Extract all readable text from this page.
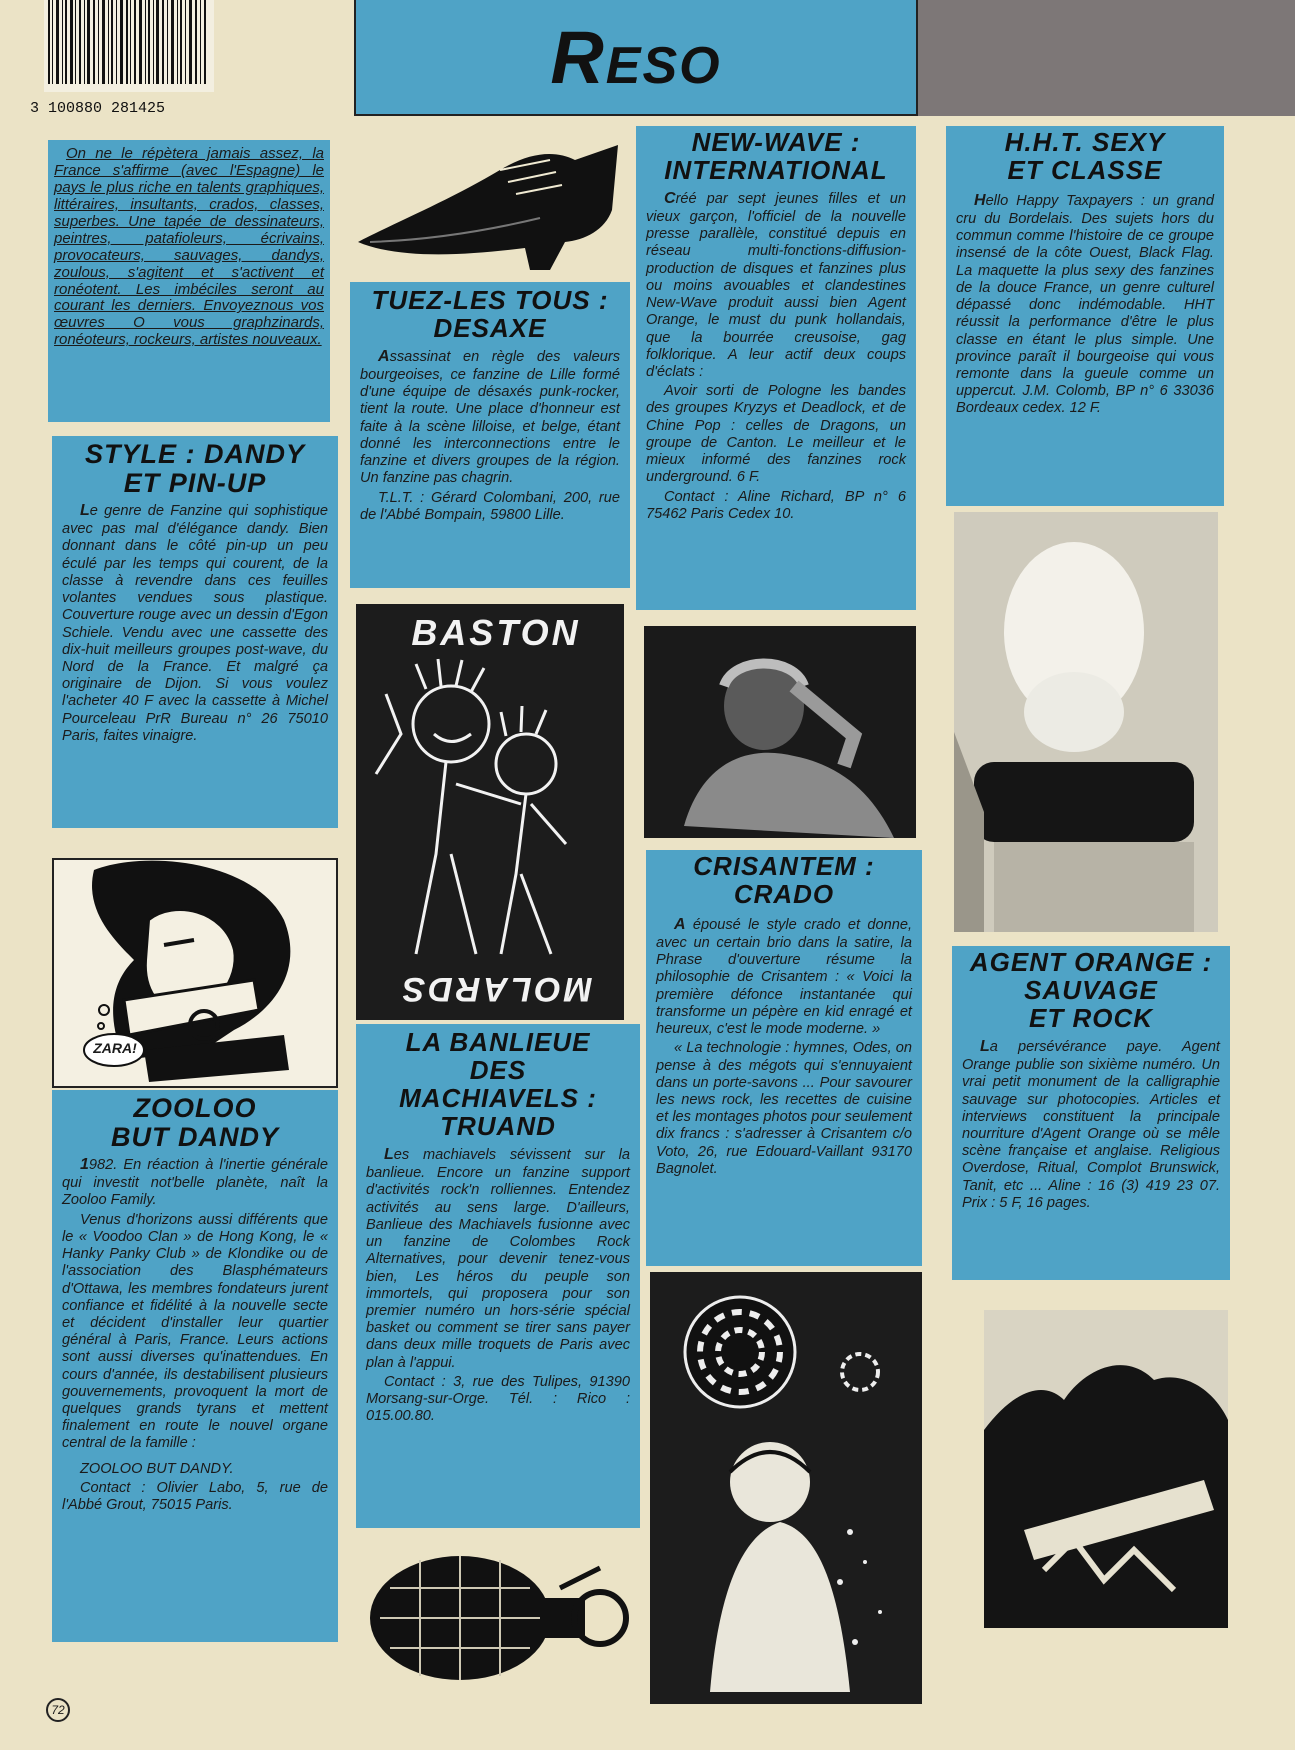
3 100880 281425
Reso
On ne le répètera jamais assez, la France s'affirme (avec l'Espagne) le pays le plus riche en talents graphiques, littéraires, insultants, crados, classes, superbes. Une tapée de dessinateurs, peintres, patafioleurs, écrivains, provocateurs, sauvages, dandys, zoulous, s'agitent et s'activent et ronéotent. Les imbéciles seront au courant les derniers. Envoyeznous vos œuvres O vous graphzinards, ronéoteurs, rockeurs, artistes nouveaux.
STYLE : DANDY
ET PIN-UP

Le genre de Fanzine qui sophistique avec pas mal d'élégance dandy. Bien donnant dans le côté pin-up un peu éculé par les temps qui courent, de la classe à revendre dans ces feuilles volantes vendues sous plastique. Couverture rouge avec un dessin d'Egon Schiele. Vendu avec une cassette des dix-huit meilleurs groupes post-wave, du Nord de la France. Et malgré ça originaire de Dijon. Si vous voulez l'acheter 40 F avec la cassette à Michel Pourceleau PrR Bureau n° 26 75010 Paris, faites vinaigre.

ZARA!
ZOOLOO
BUT DANDY

1982. En réaction à l'inertie générale qui investit not'belle planète, naît la Zooloo Family.

Venus d'horizons aussi différents que le « Voodoo Clan » de Hong Kong, le « Hanky Panky Club » de Klondike ou de l'association des Blasphémateurs d'Ottawa, les membres fondateurs jurent confiance et fidélité à la nouvelle secte et décident d'installer leur quartier général à Paris, France. Leurs actions sont aussi diverses qu'inattendues. En cours d'année, ils destabilisent plusieurs gouvernements, provoquent la mort de quelques grands tyrans et mettent finalement en route le nouvel organe central de la famille :

ZOOLOO BUT DANDY.

Contact : Olivier Labo, 5, rue de l'Abbé Grout, 75015 Paris.

72
TUEZ-LES TOUS :
DESAXE

Assassinat en règle des valeurs bourgeoises, ce fanzine de Lille formé d'une équipe de désaxés punk-rocker, tient la route. Une place d'honneur est faite à la scène lilloise, et belge, étant donné les interconnections entre le fanzine et divers groupes de la région. Un fanzine pas chagrin.

T.L.T. : Gérard Colombani, 200, rue de l'Abbé Bompain, 59800 Lille.

BASTON
MOLARDS
LA BANLIEUE
DES
MACHIAVELS :
TRUAND

Les machiavels sévissent sur la banlieue. Encore un fanzine support d'activités rock'n rolliennes. Entendez activités au sens large. D'ailleurs, Banlieue des Machiavels fusionne avec un fanzine de Colombes Rock Alternatives, pour devenir tenez-vous bien, Les héros du peuple son immortels, qui proposera pour son premier numéro un hors-série spécial basket ou comment se tirer sans payer dans deux mille troquets de Paris avec plan à l'appui.

Contact : 3, rue des Tulipes, 91390 Morsang-sur-Orge. Tél. : Rico : 015.00.80.

NEW-WAVE :
INTERNATIONAL

Créé par sept jeunes filles et un vieux garçon, l'officiel de la nouvelle presse parallèle, constitué depuis en réseau multi-fonctions-diffusion-production de disques et fanzines plus ou moins avouables et clandestines New-Wave produit aussi bien Agent Orange, le must du punk hollandais, que la bourrée creusoise, gag folklorique. A leur actif deux coups d'éclats :

Avoir sorti de Pologne les bandes des groupes Kryzys et Deadlock, et de Chine Pop : celles de Dragons, un groupe de Canton. Le meilleur et le mieux informé des fanzines rock underground. 6 F.

Contact : Aline Richard, BP n° 6 75462 Paris Cedex 10.

CRISANTEM :
CRADO

A épousé le style crado et donne, avec un certain brio dans la satire, la Phrase d'ouverture résume la philosophie de Crisantem : « Voici la première défonce instantanée qui transforme un pépère en kid enragé et heureux, c'est le mode moderne. »

« La technologie : hymnes, Odes, on pense à des mégots qui s'ennuyaient dans un porte-savons ... Pour savourer les news rock, les recettes de cuisine et les montages photos pour seulement dix francs : s'adresser à Crisantem c/o Voto, 26, rue Edouard-Vaillant 93170 Bagnolet.

H.H.T. SEXY
ET CLASSE

Hello Happy Taxpayers : un grand cru du Bordelais. Des sujets hors du commun comme l'histoire de ce groupe insensé de la côte Ouest, Black Flag. La maquette la plus sexy des fanzines de la douce France, un genre culturel dépassé donc indémodable. HHT réussit la performance d'être le plus classe en étant le plus simple. Une province paraît il bourgeoise qui vous remonte dans la gueule comme un uppercut. J.M. Colomb, BP n° 6 33036 Bordeaux cedex. 12 F.

AGENT ORANGE :
SAUVAGE
ET ROCK

La persévérance paye. Agent Orange publie son sixième numéro. Un vrai petit monument de la calligraphie sauvage sur photocopies. Articles et interviews constituent la principale nourriture d'Agent Orange où se mêle scène française et anglaise. Religious Overdose, Ritual, Complot Brunswick, Tanit, etc ... Aline : 16 (3) 419 23 07. Prix : 5 F, 16 pages.
